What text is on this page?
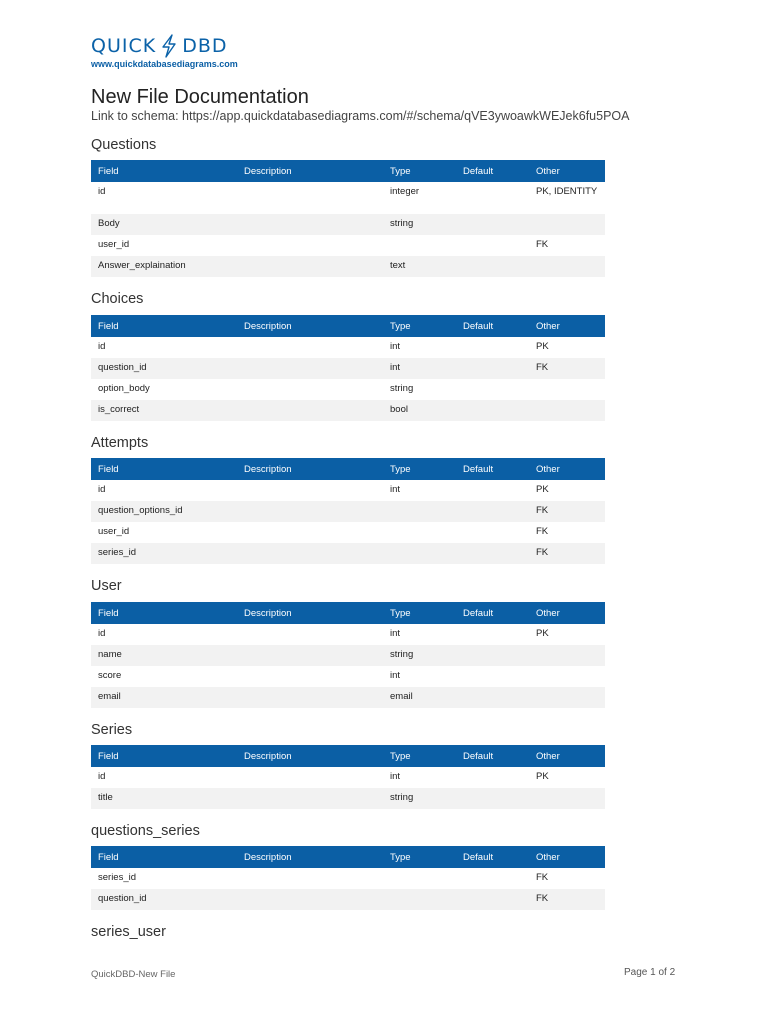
QUICK DBD
www.quickdatabasediagrams.com
New File Documentation
Link to schema: https://app.quickdatabasediagrams.com/#/schema/qVE3ywoawkWEJek6fu5POA
Questions
Field	Description	Type	Default	Other
id		integer		PK, IDENTITY
Body		string		
user_id				FK
Answer_explaination		text		
Choices
Field	Description	Type	Default	Other
id		int		PK
question_id		int		FK
option_body		string		
is_correct		bool		
Attempts
Field	Description	Type	Default	Other
id		int		PK
question_options_id				FK
user_id				FK
series_id				FK
User
Field	Description	Type	Default	Other
id		int		PK
name		string		
score		int		
email		email		
Series
Field	Description	Type	Default	Other
id		int		PK
title		string		
questions_series
Field	Description	Type	Default	Other
series_id				FK
question_id				FK
series_user
QuickDBD-New File	Page 1 of 2
